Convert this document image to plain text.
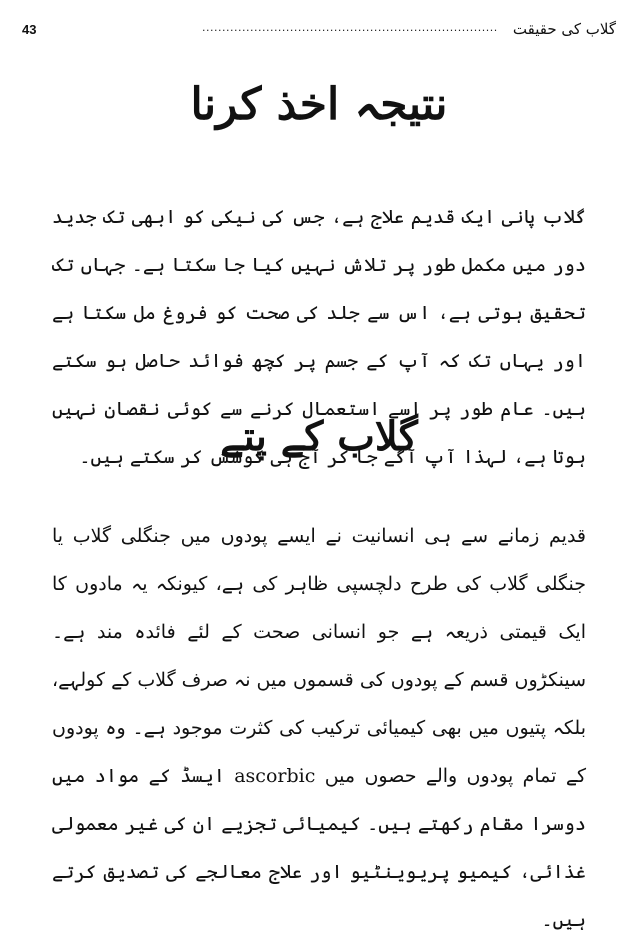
43	.......................................................................... گلاب کی حقیقت
نتیجہ اخذ کرنا

گلاب پانی ایک قدیم علاج ہے، جس کی نیکی کو ابھی تک جدید دور میں مکمل طور پر تلاش نہیں کیا جا سکتا ہے۔ جہاں تک تحقیق ہوتی ہے، اس سے جلد کی صحت کو فروغ مل سکتا ہے اور یہاں تک کہ آپ کے جسم پر کچھ فوائد حاصل ہو سکتے ہیں۔ عام طور پر اسے استعمال کرنے سے کوئی نقصان نہیں ہوتا ہے، لہذا آپ آگے جا کر آج ہی کوشش کر سکتے ہیں۔

گلاب کے پتے

قدیم زمانے سے ہی انسانیت نے ایسے پودوں میں جنگلی گلاب یا جنگلی گلاب کی طرح دلچسپی ظاہر کی ہے، کیونکہ یہ مادوں کا ایک قیمتی ذریعہ ہے جو انسانی صحت کے لئے فائدہ مند ہے۔ سینکڑوں قسم کے پودوں کی قسموں میں نہ صرف گلاب کے کولہے، بلکہ پتیوں میں بھی کیمیائی ترکیب کی کثرت موجود ہے۔ وہ پودوں کے تمام پودوں والے حصوں میں ascorbic ایسڈ کے مواد میں دوسرا مقام رکھتے ہیں۔ کیمیائی تجزیے ان کی غیر معمولی غذائی، کیمیو پریوینٹیو اور علاج معالجے کی تصدیق کرتے ہیں۔
